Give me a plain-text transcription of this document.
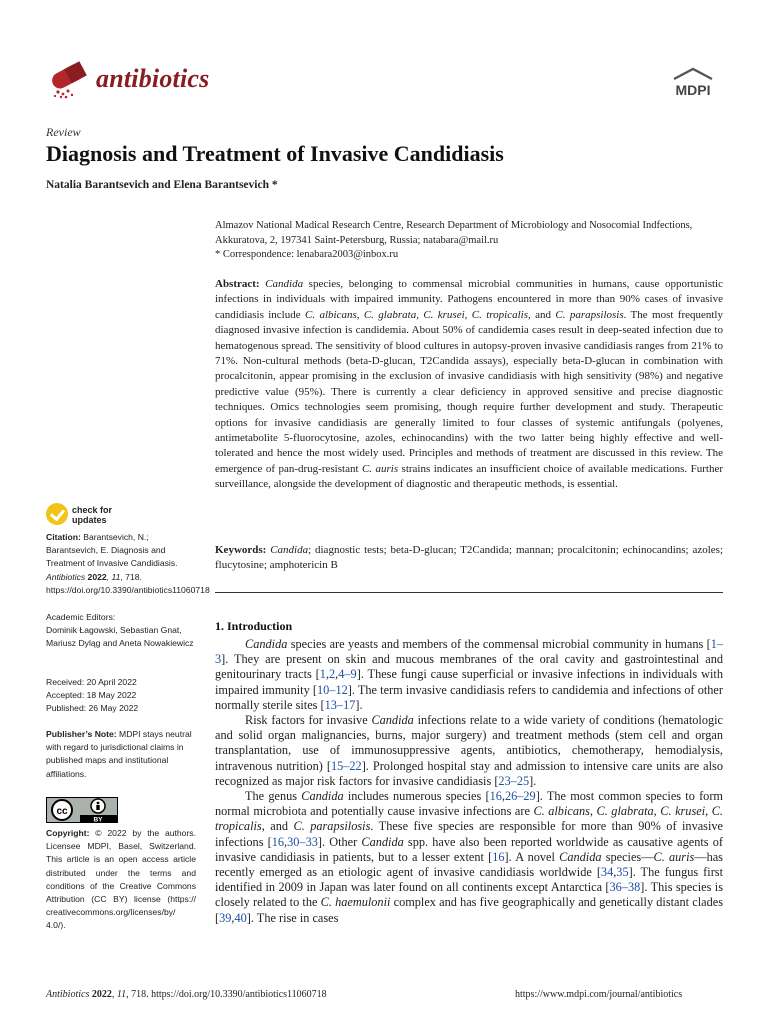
antibiotics	MDPI
Review
Diagnosis and Treatment of Invasive Candidiasis
Natalia Barantsevich and Elena Barantsevich *
Almazov National Madical Research Centre, Research Department of Microbiology and Nosocomial Indfections, Akkuratova, 2, 197341 Saint-Petersburg, Russia; natabara@mail.ru
* Correspondence: lenabara2003@inbox.ru
Abstract: Candida species, belonging to commensal microbial communities in humans, cause opportunistic infections in individuals with impaired immunity. Pathogens encountered in more than 90% cases of invasive candidiasis include C. albicans, C. glabrata, C. krusei, C. tropicalis, and C. parapsilosis. The most frequently diagnosed invasive infection is candidemia. About 50% of candidemia cases result in deep-seated infection due to hematogenous spread. The sensitivity of blood cultures in autopsy-proven invasive candidiasis ranges from 21% to 71%. Non-cultural methods (beta-D-glucan, T2Candida assays), especially beta-D-glucan in combination with procalcitonin, appear promising in the exclusion of invasive candidiasis with high sensitivity (98%) and negative predictive value (95%). There is currently a clear deficiency in approved sensitive and precise diagnostic techniques. Omics technologies seem promising, though require further development and study. Therapeutic options for invasive candidiasis are generally limited to four classes of systemic antifungals (polyenes, antimetabolite 5-fluorocytosine, azoles, echinocandins) with the two latter being highly effective and well-tolerated and hence the most widely used. Principles and methods of treatment are discussed in this review. The emergence of pan-drug-resistant C. auris strains indicates an insufficient choice of available medications. Further surveillance, alongside the development of diagnostic and therapeutic methods, is essential.
Keywords: Candida; diagnostic tests; beta-D-glucan; T2Candida; mannan; procalcitonin; echinocandins; azoles; flucytosine; amphotericin B
1. Introduction

Candida species are yeasts and members of the commensal microbial community in humans [1–3]. They are present on skin and mucous membranes of the oral cavity and gastrointestinal and genitourinary tracts [1,2,4–9]. These fungi cause superficial or invasive infections in individuals with impaired immunity [10–12]. The term invasive candidiasis refers to candidemia and infections of other normally sterile sites [13–17].

Risk factors for invasive Candida infections relate to a wide variety of conditions (hematologic and solid organ malignancies, burns, major surgery) and treatment methods (stem cell and organ transplantation, use of immunosuppressive agents, antibiotics, chemotherapy, hemodialysis, intravenous nutrition) [15–22]. Prolonged hospital stay and admission to intensive care units are also recognized as major risk factors for invasive candidiasis [23–25].

The genus Candida includes numerous species [16,26–29]. The most common species to form normal microbiota and potentially cause invasive infections are C. albicans, C. glabrata, C. krusei, C. tropicalis, and C. parapsilosis. These five species are responsible for more than 90% of invasive infections [16,30–33]. Other Candida spp. have also been reported worldwide as causative agents of invasive candidiasis in patients, but to a lesser extent [16]. A novel Candida species—C. auris—has recently emerged as an etiologic agent of invasive candidiasis worldwide [34,35]. The fungus first identified in 2009 in Japan was later found on all continents except Antarctica [36–38]. This species is closely related to the C. haemulonii complex and has five geographically and genetically distant clades [39,40]. The rise in cases

check for updates
Citation: Barantsevich, N.; Barantsevich, E. Diagnosis and Treatment of Invasive Candidiasis. Antibiotics 2022, 11, 718. https://doi.org/10.3390/antibiotics11060718
Academic Editors:
Dominik Łagowski, Sebastian Gnat, Mariusz Dyląg and Aneta Nowakiewicz
Received: 20 April 2022
Accepted: 18 May 2022
Published: 26 May 2022
Publisher’s Note: MDPI stays neutral with regard to jurisdictional claims in published maps and institutional affiliations.
cc
BY
Copyright: © 2022 by the authors. Licensee MDPI, Basel, Switzerland. This article is an open access article distributed under the terms and conditions of the Creative Commons Attribution (CC BY) license (https:// creativecommons.org/licenses/by/ 4.0/).
Antibiotics 2022, 11, 718. https://doi.org/10.3390/antibiotics11060718	https://www.mdpi.com/journal/antibiotics
